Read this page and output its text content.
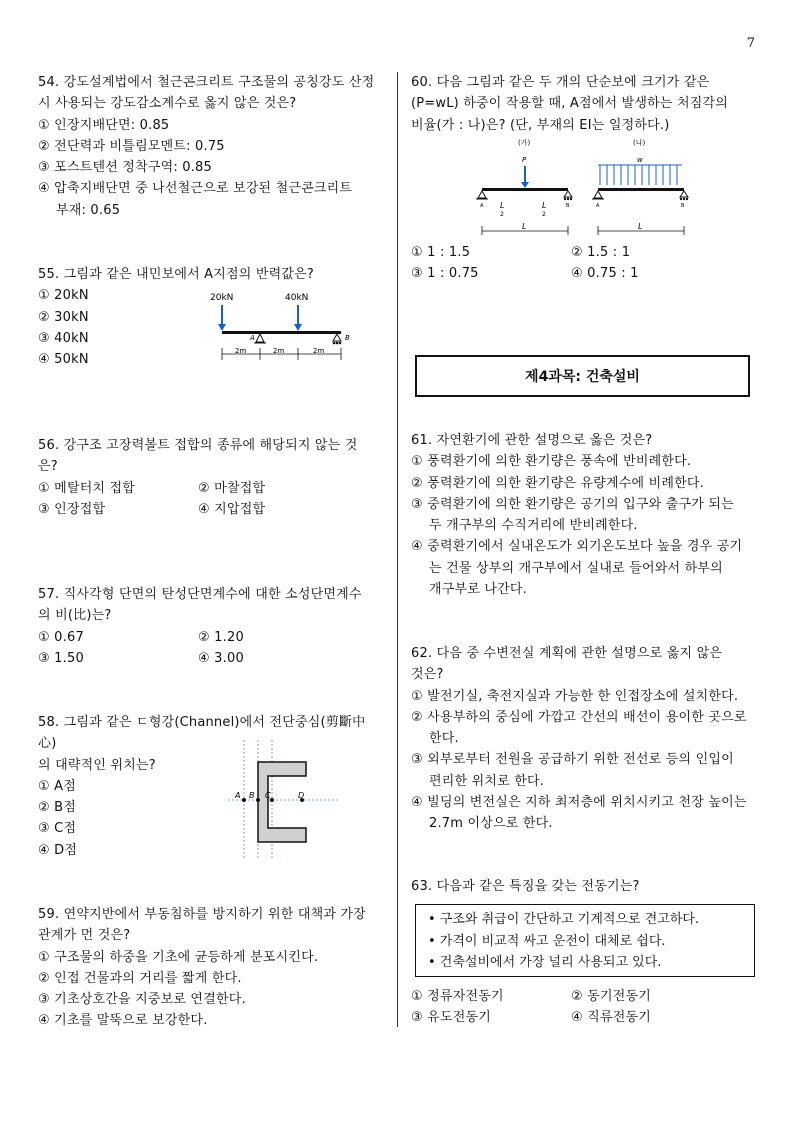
7

54. 강도설계법에서 철근콘크리트 구조물의 공칭강도 산정

시 사용되는 강도감소계수로 옳지 않은 것은?

① 인장지배단면: 0.85

② 전단력과 비틀림모멘트: 0.75

③ 포스트텐션 정착구역: 0.85

④ 압축지배단면 중 나선철근으로 보강된 철근콘크리트

부재: 0.65

55. 그림과 같은 내민보에서 A지점의 반력값은?

① 20kN

② 30kN

③ 40kN

④ 50kN

20kN	40kN
A	B
2m	2m	2m

56. 강구조 고장력볼트 접합의 종류에 해당되지 않는 것

은?

① 메탈터치 접합	② 마찰접합
③ 인장접합	④ 지압접합

57. 직사각형 단면의 탄성단면계수에 대한 소성단면계수

의 비(比)는?

① 0.67	② 1.20
③ 1.50	④ 3.00

58. 그림과 같은 ㄷ형강(Channel)에서 전단중심(剪斷中心)

의 대략적인 위치는?

① A점

② B점

③ C점

④ D점

A B C	D

59. 연약지반에서 부동침하를 방지하기 위한 대책과 가장

관계가 먼 것은?

① 구조물의 하중을 기초에 균등하게 분포시킨다.

② 인접 건물과의 거리를 짧게 한다.

③ 기초상호간을 지중보로 연결한다.

④ 기초를 말뚝으로 보강한다.

60. 다음 그림과 같은 두 개의 단순보에 크기가 같은

(P=wL) 하중이 작용할 때, A점에서 발생하는 처짐각의

비율(가 : 나)은? (단, 부재의 EI는 일정하다.)

(가)
P
A	B
L
2
L
2
L
(나)
w
A	B
L
① 1 : 1.5	② 1.5 : 1
③ 1 : 0.75	④ 0.75 : 1
제4과목: 건축설비

61. 자연환기에 관한 설명으로 옳은 것은?

① 풍력환기에 의한 환기량은 풍속에 반비례한다.

② 풍력환기에 의한 환기량은 유량계수에 비례한다.

③ 중력환기에 의한 환기량은 공기의 입구와 출구가 되는

두 개구부의 수직거리에 반비례한다.

④ 중력환기에서 실내온도가 외기온도보다 높을 경우 공기

는 건물 상부의 개구부에서 실내로 들어와서 하부의

개구부로 나간다.

62. 다음 중 수변전실 계획에 관한 설명으로 옳지 않은

것은?

① 발전기실, 축전지실과 가능한 한 인접장소에 설치한다.

② 사용부하의 중심에 가깝고 간선의 배선이 용이한 곳으로

한다.

③ 외부로부터 전원을 공급하기 위한 전선로 등의 인입이

편리한 위치로 한다.

④ 빌딩의 변전실은 지하 최저층에 위치시키고 천장 높이는

2.7m 이상으로 한다.

63. 다음과 같은 특징을 갖는 전동기는?

• 구조와 취급이 간단하고 기계적으로 견고하다.
• 가격이 비교적 싸고 운전이 대체로 쉽다.
• 건축설비에서 가장 널리 사용되고 있다.
① 정류자전동기	② 동기전동기
③ 유도전동기	④ 직류전동기
